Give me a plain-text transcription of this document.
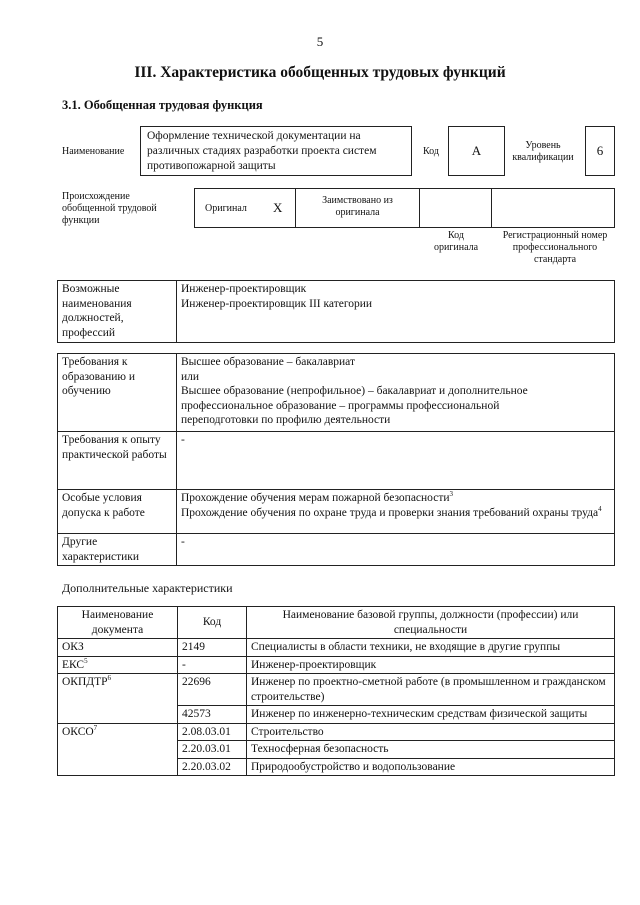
5
III. Характеристика обобщенных трудовых функций
3.1. Обобщенная трудовая функция
Наименование
Оформление технической документации на различных стадиях разработки проекта систем противопожарной защиты
Код	А	Уровень квалификации	6
Происхождение обобщенной трудовой функции
Оригинал X	Заимствовано из оригинала
Код оригинала
Регистрационный номер профессионального стандарта
Возможные наименования должностей, профессий	
Инженер-проектировщик
Инженер-проектировщик III категории
Требования к образованию и обучению	Высшее образование – бакалавриат
или
Высшее образование (непрофильное) – бакалавриат и дополнительное
профессиональное образование – программы профессиональной
переподготовки по профилю деятельности

Требования к опыту практической работы	-
Особые условия допуска к работе	Прохождение обучения мерам пожарной безопасности$^3$
Прохождение обучения по охране труда и проверки знания требований охраны труда$^4$

Другие характеристики	-
Дополнительные характеристики
Наименование документа	Код	Наименование базовой группы, должности (профессии) или специальности
ОКЗ	2149	Специалисты в области техники, не входящие в другие группы
ЕКС$^5$	-	Инженер-проектировщик
ОКПДТР$^6$	22696	Инженер по проектно-сметной работе (в промышленном и гражданском строительстве)
	42573	Инженер по инженерно-техническим средствам физической защиты
ОКСО$^7$	2.08.03.01	Строительство
	2.20.03.01	Техносферная безопасность
	2.20.03.02	Природообустройство и водопользование
